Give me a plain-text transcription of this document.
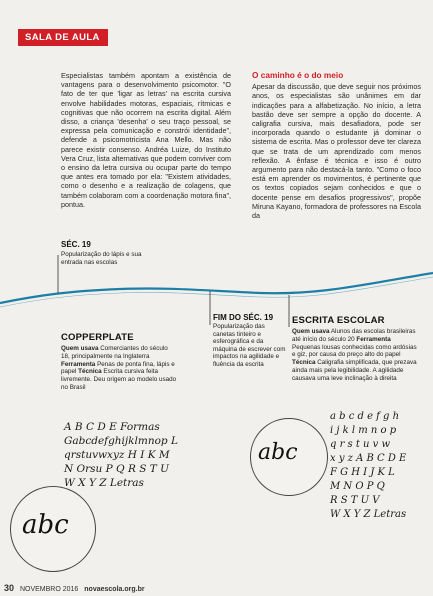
SALA DE AULA

Especialistas também apontam a existência de vantagens para o desenvolvimento psicomotor. "O fato de ter que 'ligar as letras' na escrita cursiva envolve habilidades motoras, espaciais, rítmicas e cognitivas que não ocorrem na escrita digital. Além disso, a criança 'desenha' o seu traço pessoal, se expressa pela comunicação e constrói identidade", defende a psicomotricista Ana Mello. Mas não parece existir consenso. Andréa Luize, do Instituto Vera Cruz, lista alternativas que podem conviver com o ensino da letra cursiva ou ocupar parte do tempo que antes era tomado por ela: "Existem atividades, como o desenho e a realização de colagens, que também colaboram com a coordenação motora fina", pontua.

O caminho é o do meio

Apesar da discussão, que deve seguir nos próximos anos, os especialistas são unânimes em dar indicações para a alfabetização. No início, a letra bastão deve ser sempre a opção do docente. A caligrafia cursiva, mais desafiadora, pode ser incorporada quando o estudante já dominar o sistema de escrita. Mas o professor deve ter clareza que se trata de um aprendizado com menos reflexão. A ênfase é técnica e isso é outro argumento para não destacá-la tanto. "Como o foco está em aprender os movimentos, é pertinente que os textos copiados sejam conhecidos e que o docente pense em desafios progressivos", propõe Miruna Kayano, formadora de professores na Escola da

SÉC. 19
Popularização do lápis e sua entrada nas escolas
FIM DO SÉC. 19
Popularização das canetas tinteiro e esferográfica e da máquina de escrever com impactos na agilidade e fluência da escrita
COPPERPLATE
Quem usava Comerciantes do século 18, principalmente na Inglaterra Ferramenta Penas de ponta fina, lápis e papel Técnica Escrita cursiva feita livremente. Deu origem ao modelo usado no Brasil
A B C D E Formas
Gabcdefghijklmnop L
qrstuvwxyz H I K M
N Orsu P Q R S T U
W X Y Z Letras
abc
ESCRITA ESCOLAR
Quem usava Alunos das escolas brasileiras até início do século 20 Ferramenta Pequenas lousas conhecidas como ardósias e giz, por causa do preço alto do papel Técnica Caligrafia simplificada, que prezava ainda mais pela legibilidade. A agilidade causava uma leve inclinação à direita
abc
a b c d e f g h
i j k l m n o p
q r s t u v w
x y z A B C D E
F G H I J K L
M N O P Q
R S T U V
W X Y Z Letras
30 NOVEMBRO 2016 novaescola.org.br
